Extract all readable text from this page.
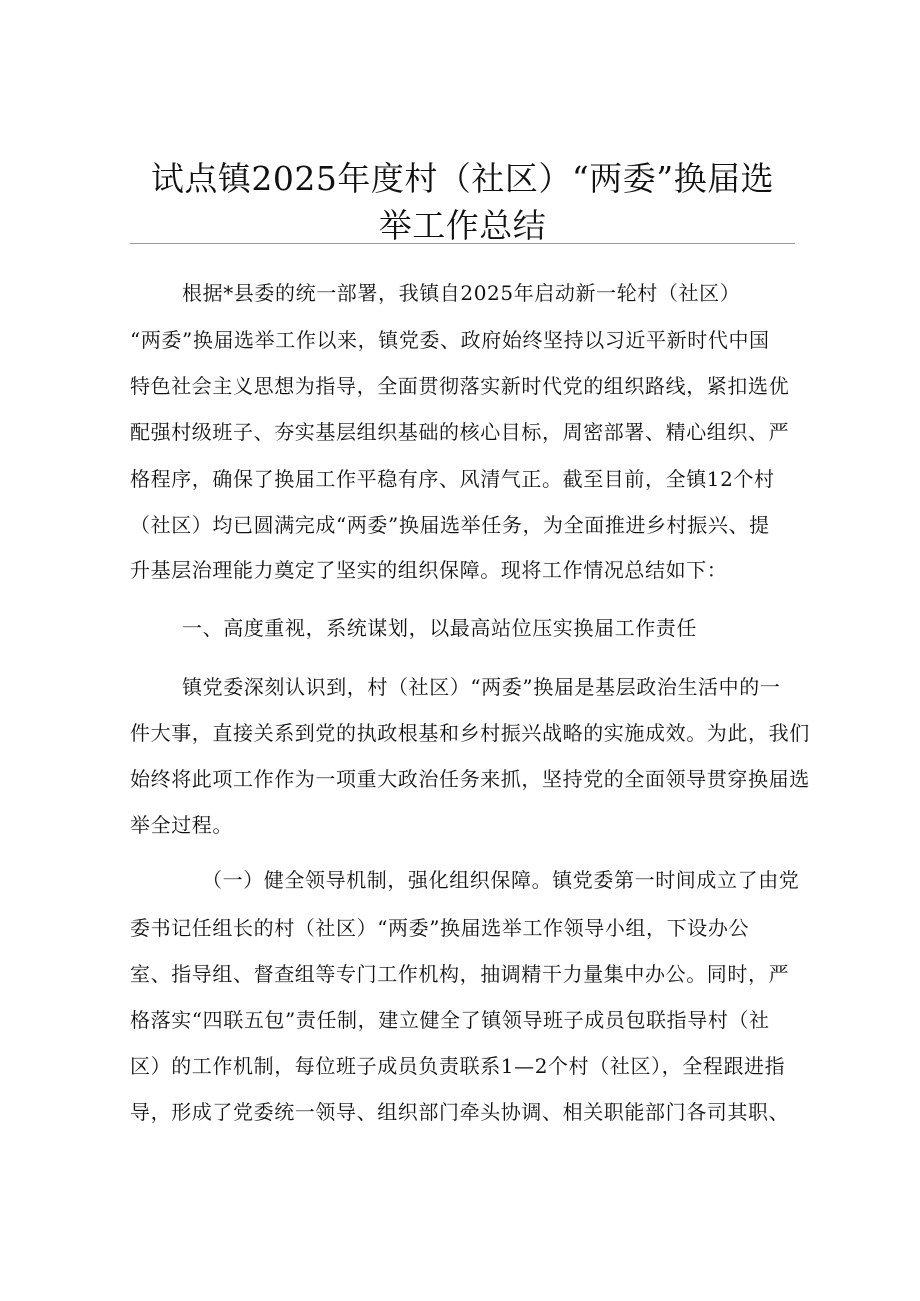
试点镇2025年度村（社区）“两委”换届选
举工作总结
根据*县委的统一部署，我镇自2025年启动新一轮村（社区）
“两委”换届选举工作以来，镇党委、政府始终坚持以习近平新时代中国
特色社会主义思想为指导，全面贯彻落实新时代党的组织路线，紧扣选优
配强村级班子、夯实基层组织基础的核心目标，周密部署、精心组织、严
格程序，确保了换届工作平稳有序、风清气正。截至目前，全镇12个村
（社区）均已圆满完成“两委”换届选举任务，为全面推进乡村振兴、提
升基层治理能力奠定了坚实的组织保障。现将工作情况总结如下：
一、高度重视，系统谋划，以最高站位压实换届工作责任
镇党委深刻认识到，村（社区）“两委”换届是基层政治生活中的一
件大事，直接关系到党的执政根基和乡村振兴战略的实施成效。为此，我们
始终将此项工作作为一项重大政治任务来抓，坚持党的全面领导贯穿换届选
举全过程。
（一）健全领导机制，强化组织保障。镇党委第一时间成立了由党
委书记任组长的村（社区）“两委”换届选举工作领导小组，下设办公
室、指导组、督查组等专门工作机构，抽调精干力量集中办公。同时，严
格落实“四联五包”责任制，建立健全了镇领导班子成员包联指导村（社
区）的工作机制，每位班子成员负责联系1—2个村（社区），全程跟进指
导，形成了党委统一领导、组织部门牵头协调、相关职能部门各司其职、
